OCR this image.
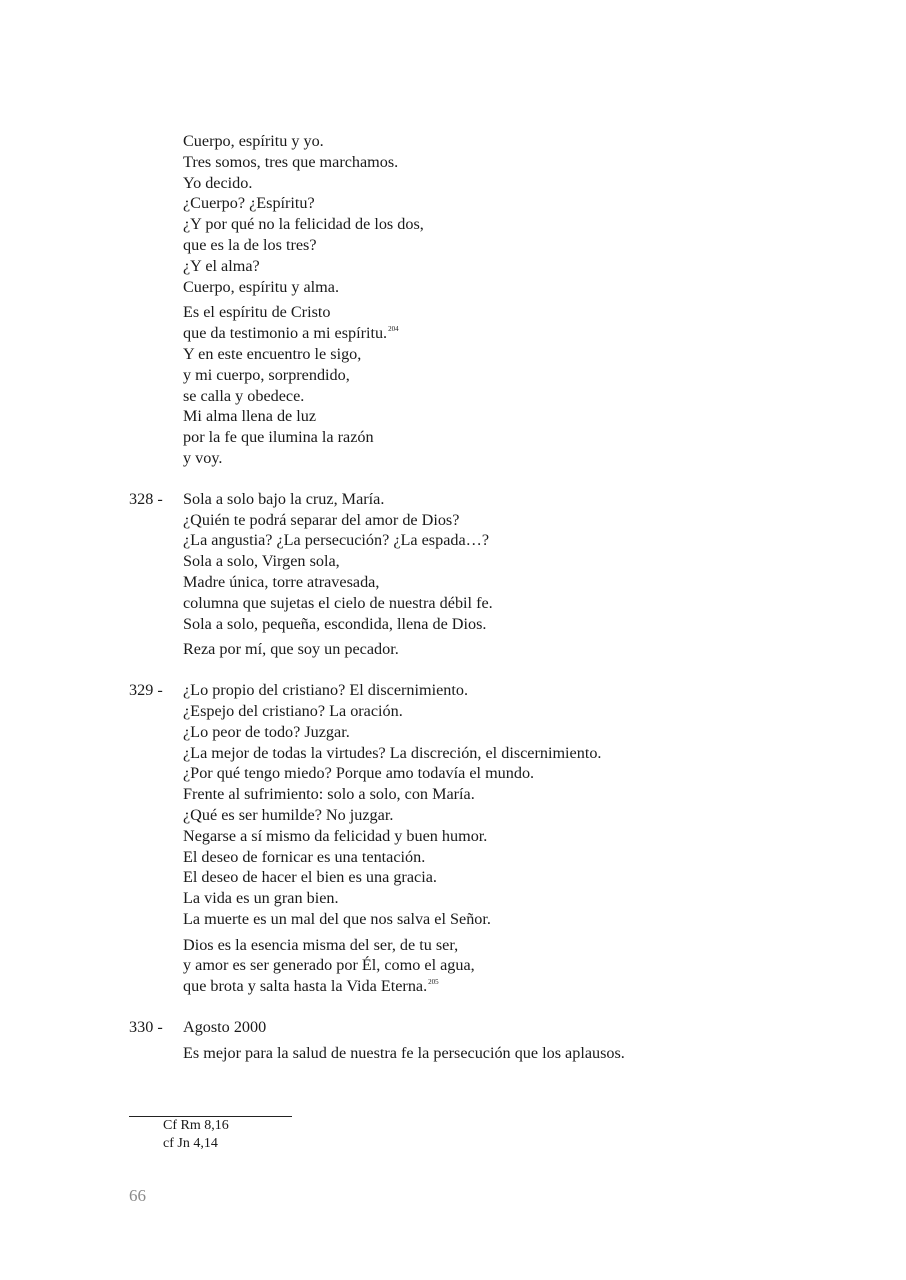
Cuerpo, espíritu y yo.
Tres somos, tres que marchamos.
Yo decido.
¿Cuerpo? ¿Espíritu?
¿Y por qué no la felicidad de los dos,
que es la de los tres?
¿Y el alma?
Cuerpo, espíritu y alma.
Es el espíritu de Cristo
que da testimonio a mi espíritu.$^{204}$
Y en este encuentro le sigo,
y mi cuerpo, sorprendido,
se calla y obedece.
Mi alma llena de luz
por la fe que ilumina la razón
y voy.
328 - Sola a solo bajo la cruz, María.
¿Quién te podrá separar del amor de Dios?
¿La angustia? ¿La persecución? ¿La espada…?
Sola a solo, Virgen sola,
Madre única, torre atravesada,
columna que sujetas el cielo de nuestra débil fe.
Sola a solo, pequeña, escondida, llena de Dios.
Reza por mí, que soy un pecador.
329 - ¿Lo propio del cristiano? El discernimiento.
¿Espejo del cristiano? La oración.
¿Lo peor de todo? Juzgar.
¿La mejor de todas la virtudes? La discreción, el discernimiento.
¿Por qué tengo miedo? Porque amo todavía el mundo.
Frente al sufrimiento: solo a solo, con María.
¿Qué es ser humilde? No juzgar.
Negarse a sí mismo da felicidad y buen humor.
El deseo de fornicar es una tentación.
El deseo de hacer el bien es una gracia.
La vida es un gran bien.
La muerte es un mal del que nos salva el Señor.
Dios es la esencia misma del ser, de tu ser,
y amor es ser generado por Él, como el agua,
que brota y salta hasta la Vida Eterna.$^{205}$
330 - Agosto 2000
Es mejor para la salud de nuestra fe la persecución que los aplausos.
Cf Rm 8,16
cf Jn 4,14
66
